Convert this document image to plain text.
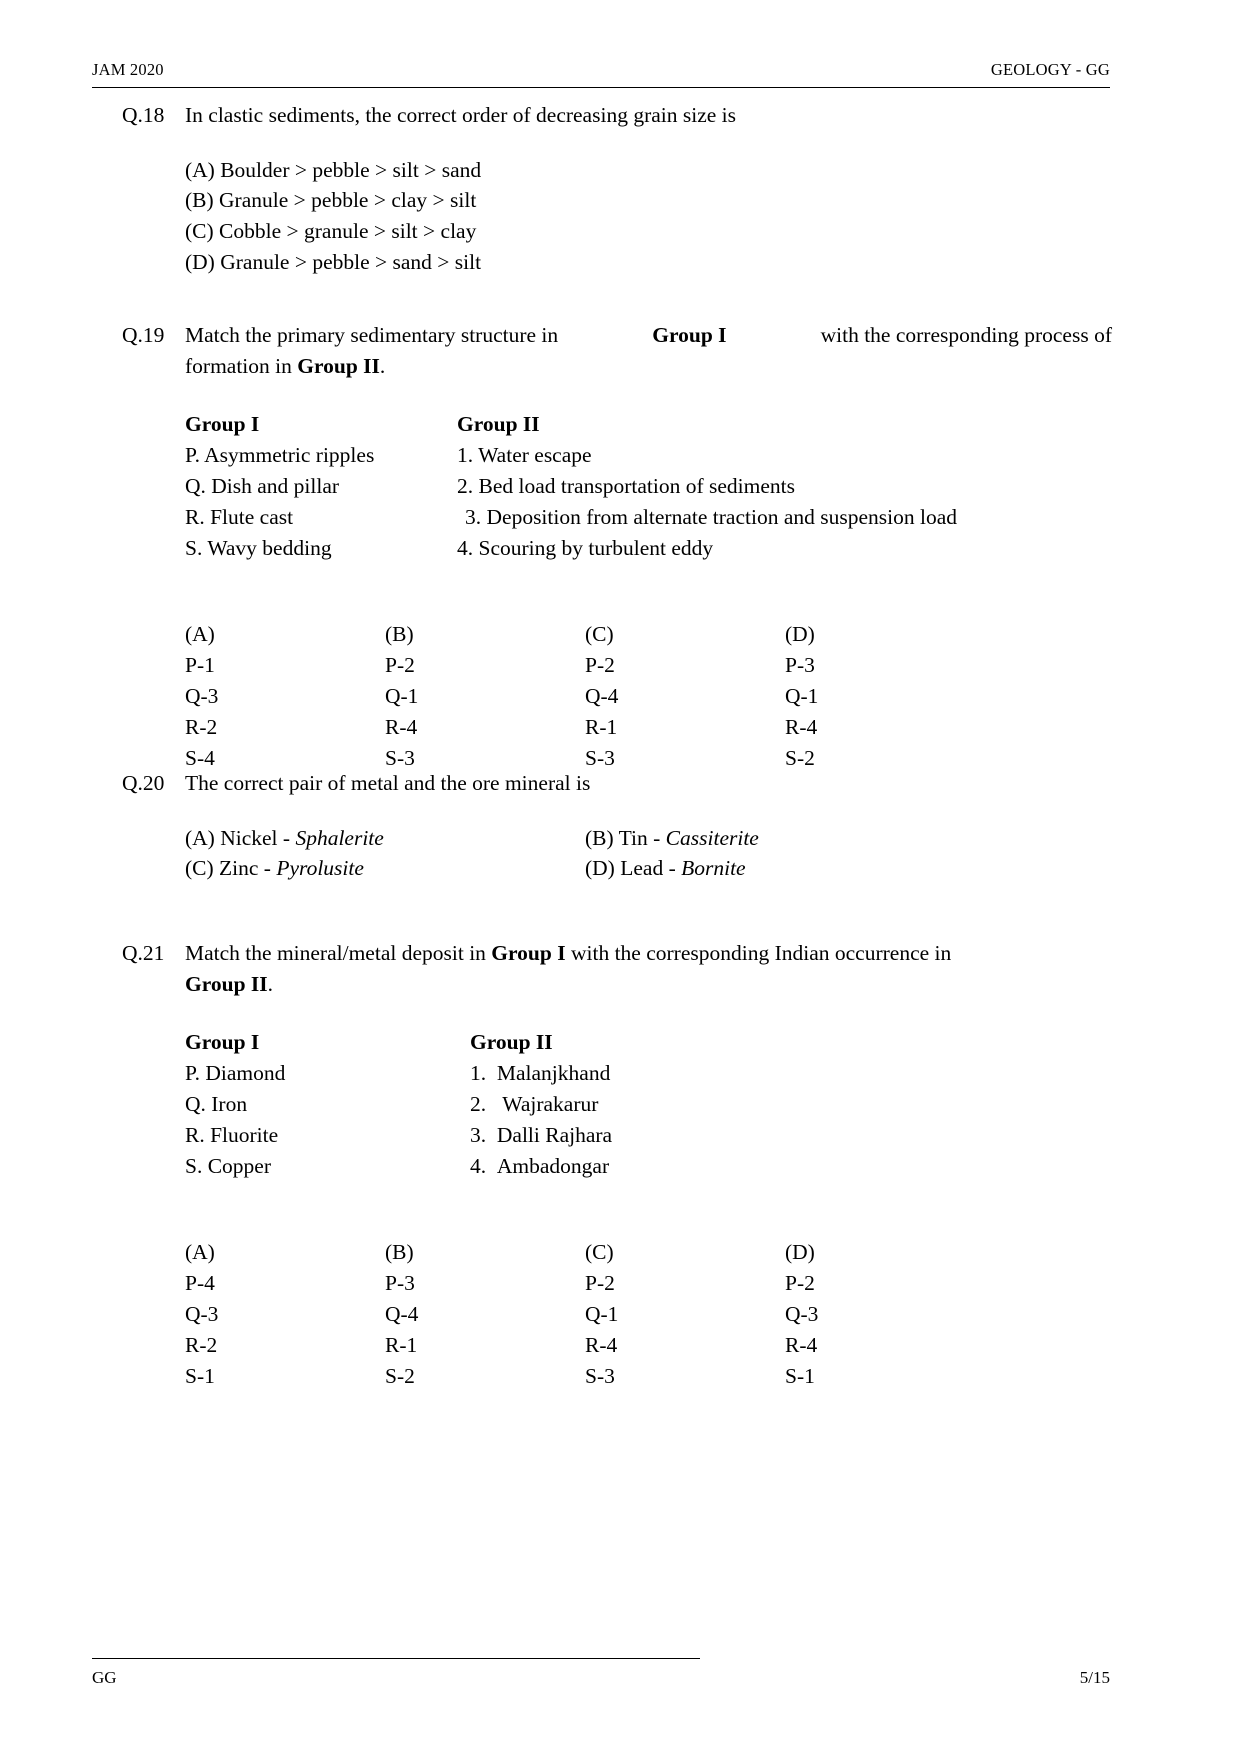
JAM 2020	GEOLOGY - GG
Q.18 In clastic sediments, the correct order of decreasing grain size is
(A) Boulder > pebble > silt > sand
(B) Granule > pebble > clay > silt
(C) Cobble > granule > silt > clay
(D) Granule > pebble > sand > silt
Q.19 Match the primary sedimentary structure in	Group I	with the corresponding process of
formation in Group II.
Group I	Group II
P. Asymmetric ripples	1. Water escape
Q. Dish and pillar	2. Bed load transportation of sediments
R. Flute cast	3. Deposition from alternate traction and suspension load
S. Wavy bedding	4. Scouring by turbulent eddy
(A)	(B)	(C)	(D)
P-1	P-2	P-2	P-3
Q-3	Q-1	Q-4	Q-1
R-2	R-4	R-1	R-4
S-4	S-3	S-3	S-2
Q.20 The correct pair of metal and the ore mineral is
(A) Nickel - Sphalerite	(B) Tin - Cassiterite
(C) Zinc - Pyrolusite	(D) Lead - Bornite
Q.21 Match the mineral/metal deposit in Group I with the corresponding Indian occurrence in
Group II.
Group I	Group II
P. Diamond	1. Malanjkhand
Q. Iron	2. Wajrakarur
R. Fluorite	3. Dalli Rajhara
S. Copper	4. Ambadongar
(A)	(B)	(C)	(D)
P-4	P-3	P-2	P-2
Q-3	Q-4	Q-1	Q-3
R-2	R-1	R-4	R-4
S-1	S-2	S-3	S-1
GG	5/15
